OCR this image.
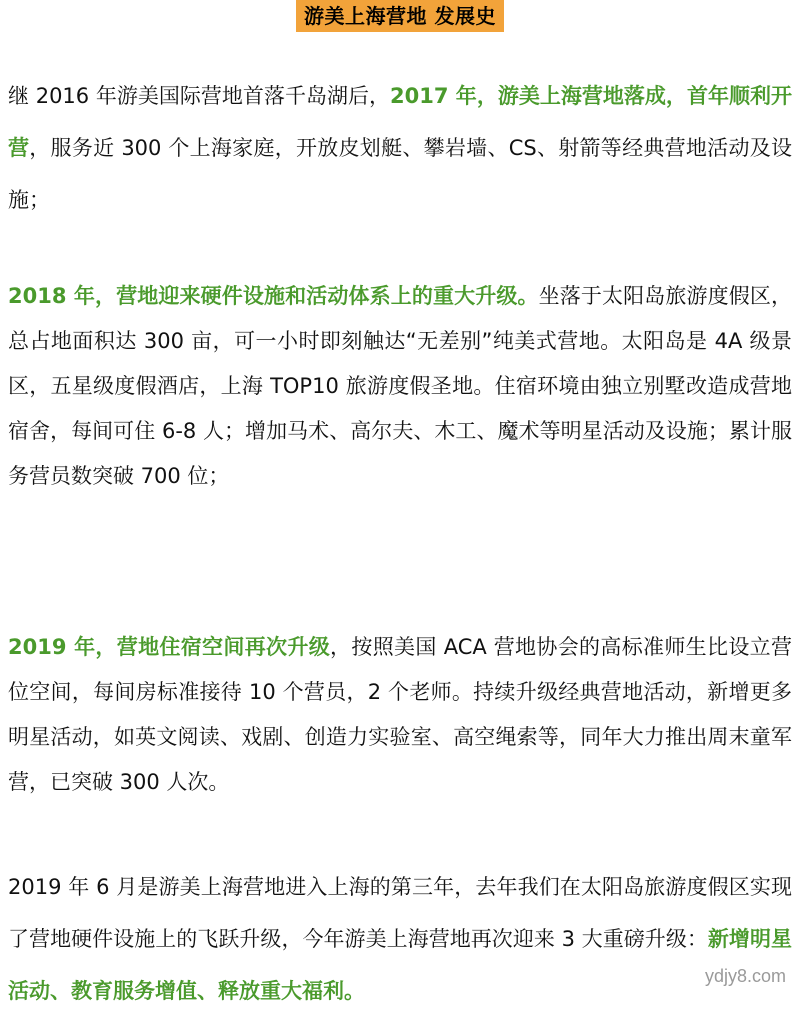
游美上海营地 发展史

继 2016 年游美国际营地首落千岛湖后，2017 年，游美上海营地落成，首年顺利开营，服务近 300 个上海家庭，开放皮划艇、攀岩墙、CS、射箭等经典营地活动及设施；

2018 年，营地迎来硬件设施和活动体系上的重大升级。坐落于太阳岛旅游度假区，总占地面积达 300 亩，可一小时即刻触达“无差别”纯美式营地。太阳岛是 4A 级景区，五星级度假酒店，上海 TOP10 旅游度假圣地。住宿环境由独立别墅改造成营地宿舍，每间可住 6-8 人；增加马术、高尔夫、木工、魔术等明星活动及设施；累计服务营员数突破 700 位；

2019 年，营地住宿空间再次升级，按照美国 ACA 营地协会的高标准师生比设立营位空间，每间房标准接待 10 个营员，2 个老师。持续升级经典营地活动，新增更多明星活动，如英文阅读、戏剧、创造力实验室、高空绳索等，同年大力推出周末童军营，已突破 300 人次。

2019 年 6 月是游美上海营地进入上海的第三年，去年我们在太阳岛旅游度假区实现了营地硬件设施上的飞跃升级，今年游美上海营地再次迎来 3 大重磅升级：新增明星活动、教育服务增值、释放重大福利。

ydjy8.com
